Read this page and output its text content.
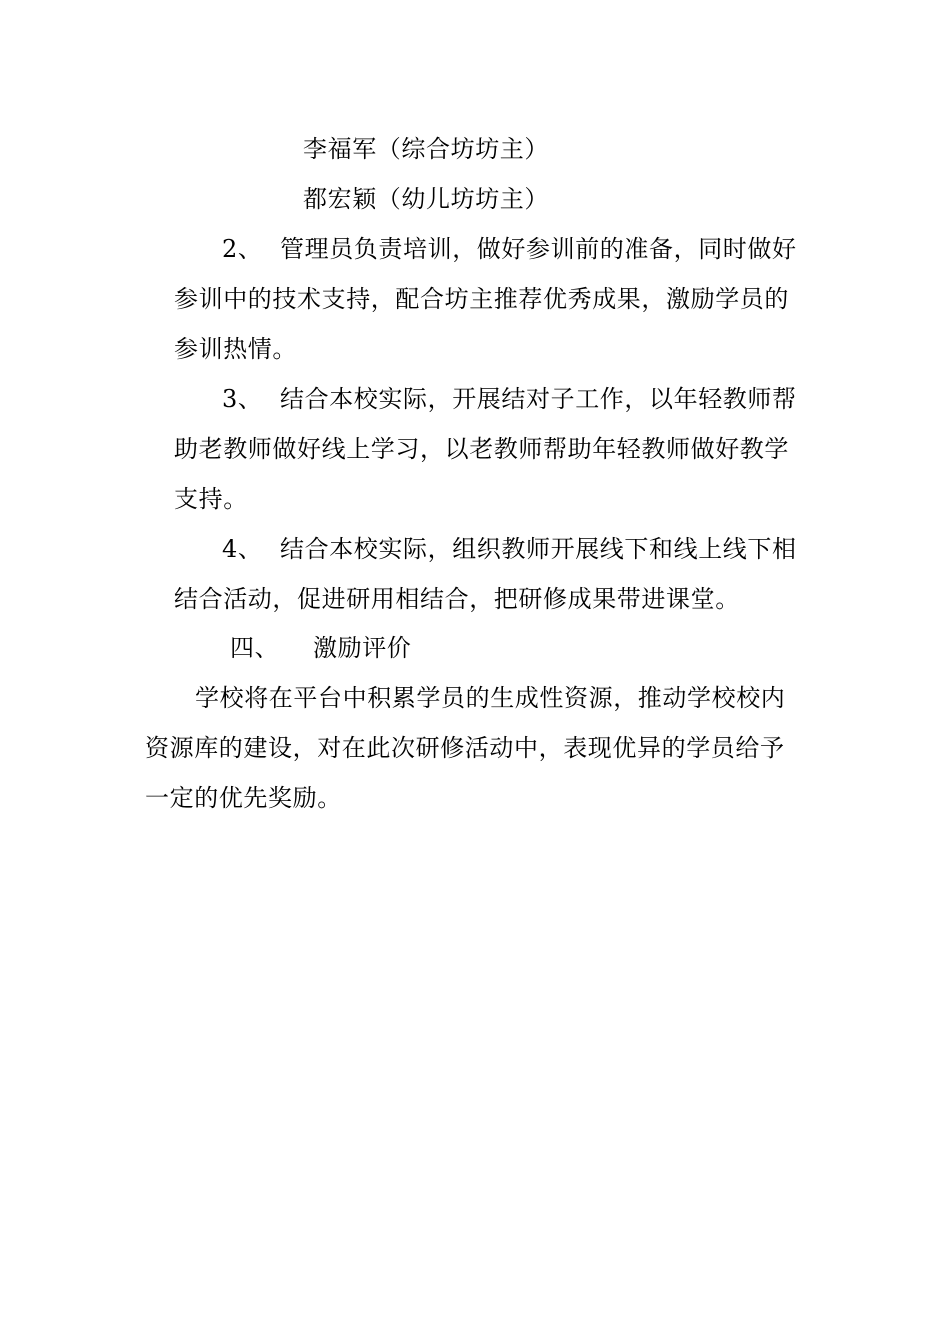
李福军（综合坊坊主）
都宏颖（幼儿坊坊主）
2、 管理员负责培训，做好参训前的准备，同时做好
参训中的技术支持，配合坊主推荐优秀成果，激励学员的
参训热情。
3、 结合本校实际，开展结对子工作，以年轻教师帮
助老教师做好线上学习，以老教师帮助年轻教师做好教学
支持。
4、 结合本校实际，组织教师开展线下和线上线下相
结合活动，促进研用相结合，把研修成果带进课堂。
四、 激励评价
学校将在平台中积累学员的生成性资源，推动学校校内
资源库的建设，对在此次研修活动中，表现优异的学员给予
一定的优先奖励。
